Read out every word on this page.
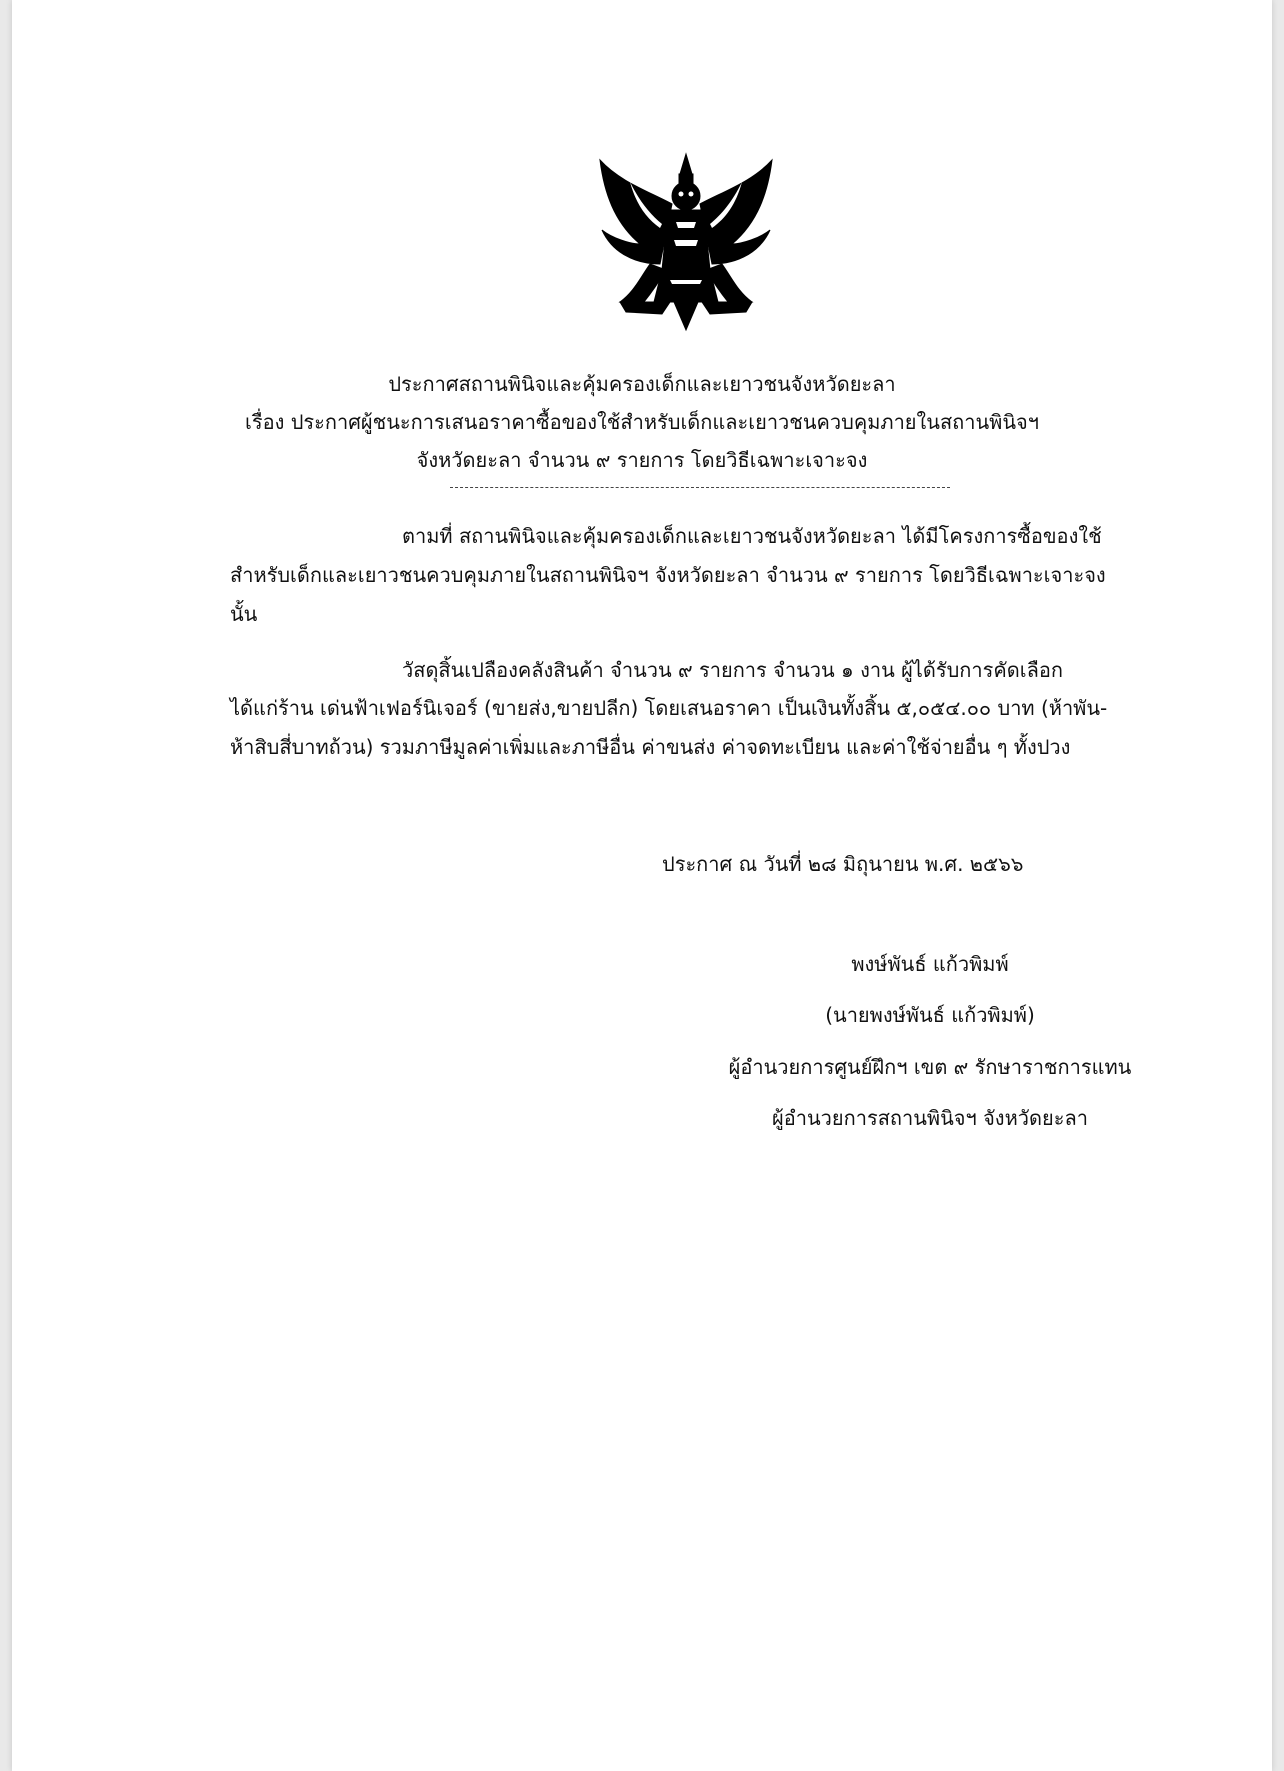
ประกาศสถานพินิจและคุ้มครองเด็กและเยาวชนจังหวัดยะลา
เรื่อง ประกาศผู้ชนะการเสนอราคาซื้อของใช้สำหรับเด็กและเยาวชนควบคุมภายในสถานพินิจฯ
จังหวัดยะลา จำนวน ๙ รายการ โดยวิธีเฉพาะเจาะจง
ตามที่ สถานพินิจและคุ้มครองเด็กและเยาวชนจังหวัดยะลา ได้มีโครงการซื้อของใช้
สำหรับเด็กและเยาวชนควบคุมภายในสถานพินิจฯ จังหวัดยะลา จำนวน ๙ รายการ โดยวิธีเฉพาะเจาะจง
นั้น
วัสดุสิ้นเปลืองคลังสินค้า จำนวน ๙ รายการ จำนวน ๑ งาน ผู้ได้รับการคัดเลือก
ได้แก่ร้าน เด่นฟ้าเฟอร์นิเจอร์ (ขายส่ง,ขายปลีก) โดยเสนอราคา เป็นเงินทั้งสิ้น ๕,๐๕๔.๐๐ บาท (ห้าพัน-
ห้าสิบสี่บาทถ้วน) รวมภาษีมูลค่าเพิ่มและภาษีอื่น ค่าขนส่ง ค่าจดทะเบียน และค่าใช้จ่ายอื่น ๆ ทั้งปวง
ประกาศ ณ วันที่ ๒๘ มิถุนายน พ.ศ. ๒๕๖๖
พงษ์พันธ์ แก้วพิมพ์
(นายพงษ์พันธ์ แก้วพิมพ์)
ผู้อำนวยการศูนย์ฝึกฯ เขต ๙ รักษาราชการแทน
ผู้อำนวยการสถานพินิจฯ จังหวัดยะลา
